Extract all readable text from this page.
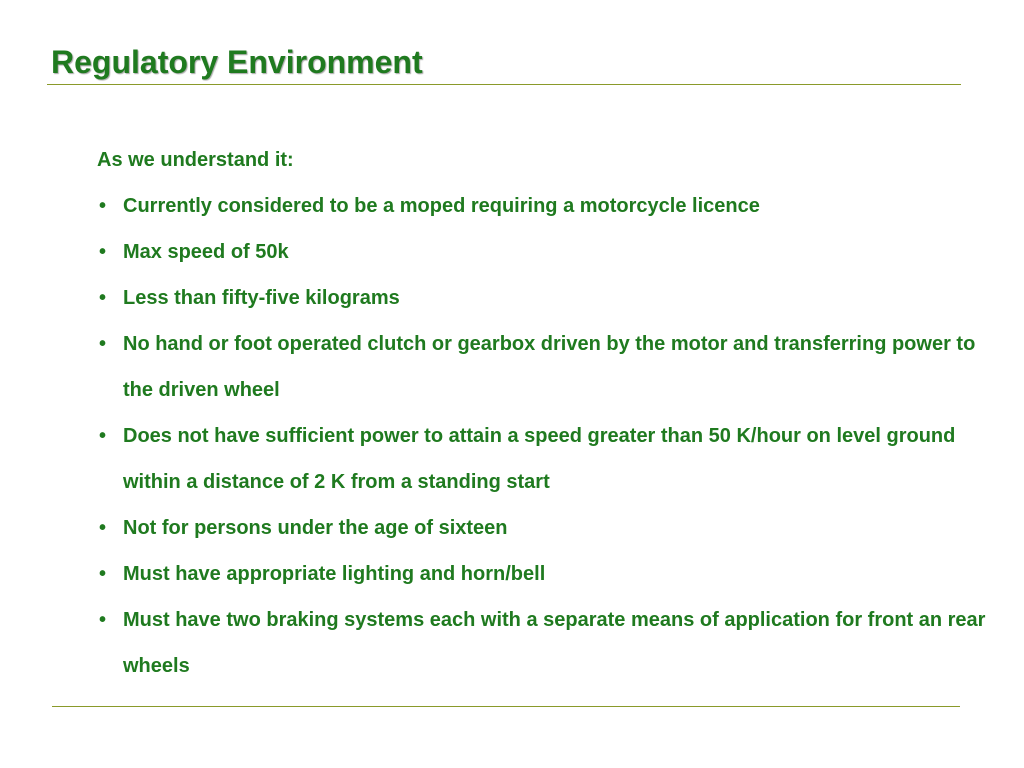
Regulatory Environment

As we understand it:

• Currently considered to be a moped requiring a motorcycle licence
• Max speed of 50k
• Less than fifty-five kilograms
• No hand or foot operated clutch or gearbox driven by the motor and transferring power to the driven wheel
• Does not have sufficient power to attain a speed greater than 50 K/hour on level ground within a distance of 2 K from a standing start
• Not for persons under the age of sixteen
• Must have appropriate lighting and horn/bell
• Must have two braking systems each with a separate means of application for front an rear wheels
